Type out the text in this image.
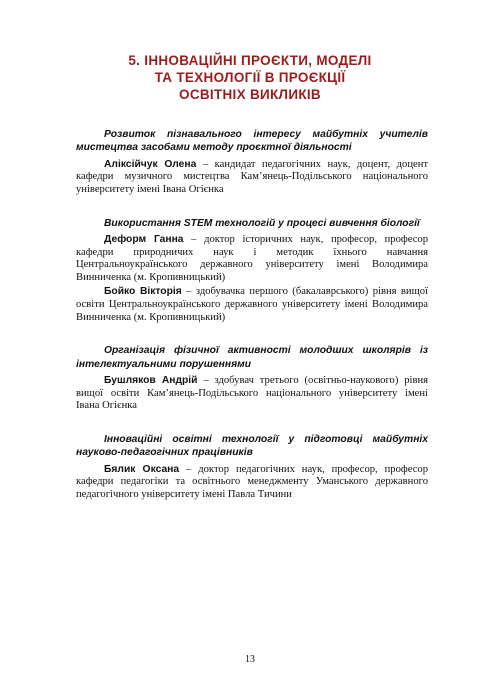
5. ІННОВАЦІЙНІ ПРОЄКТИ, МОДЕЛІ
ТА ТЕХНОЛОГІЇ В ПРОЄКЦІЇ
ОСВІТНІХ ВИКЛИКІВ

Розвиток пізнавального інтересу майбутніх учителів мистецтва засобами методу проєктної діяльності

Аліксійчук Олена – кандидат педагогічних наук, доцент, доцент кафедри музичного мистецтва Кам’янець-Подільського національного університету імені Івана Огієнка

Використання STEM технологій у процесі вивчення біології

Деформ Ганна – доктор історичних наук, професор, професор кафедри природничих наук і методик їхнього навчання Центральноукраїнського державного університету імені Володимира Винниченка (м. Кропивницький)

Бойко Вікторія – здобувачка першого (бакалаврського) рівня вищої освіти Центральноукраїнського державного університету імені Володимира Винниченка (м. Кропивницький)

Організація фізичної активності молодших школярів із інтелектуальними порушеннями

Бушляков Андрій – здобувач третього (освітньо-наукового) рівня вищої освіти Кам’янець-Подільського національного університету імені Івана Огієнка

Інноваційні освітні технології у підготовці майбутніх науково-педагогічних працівників

Бялик Оксана – доктор педагогічних наук, професор, професор кафедри педагогіки та освітнього менеджменту Уманського державного педагогічного університету імені Павла Тичини

13
